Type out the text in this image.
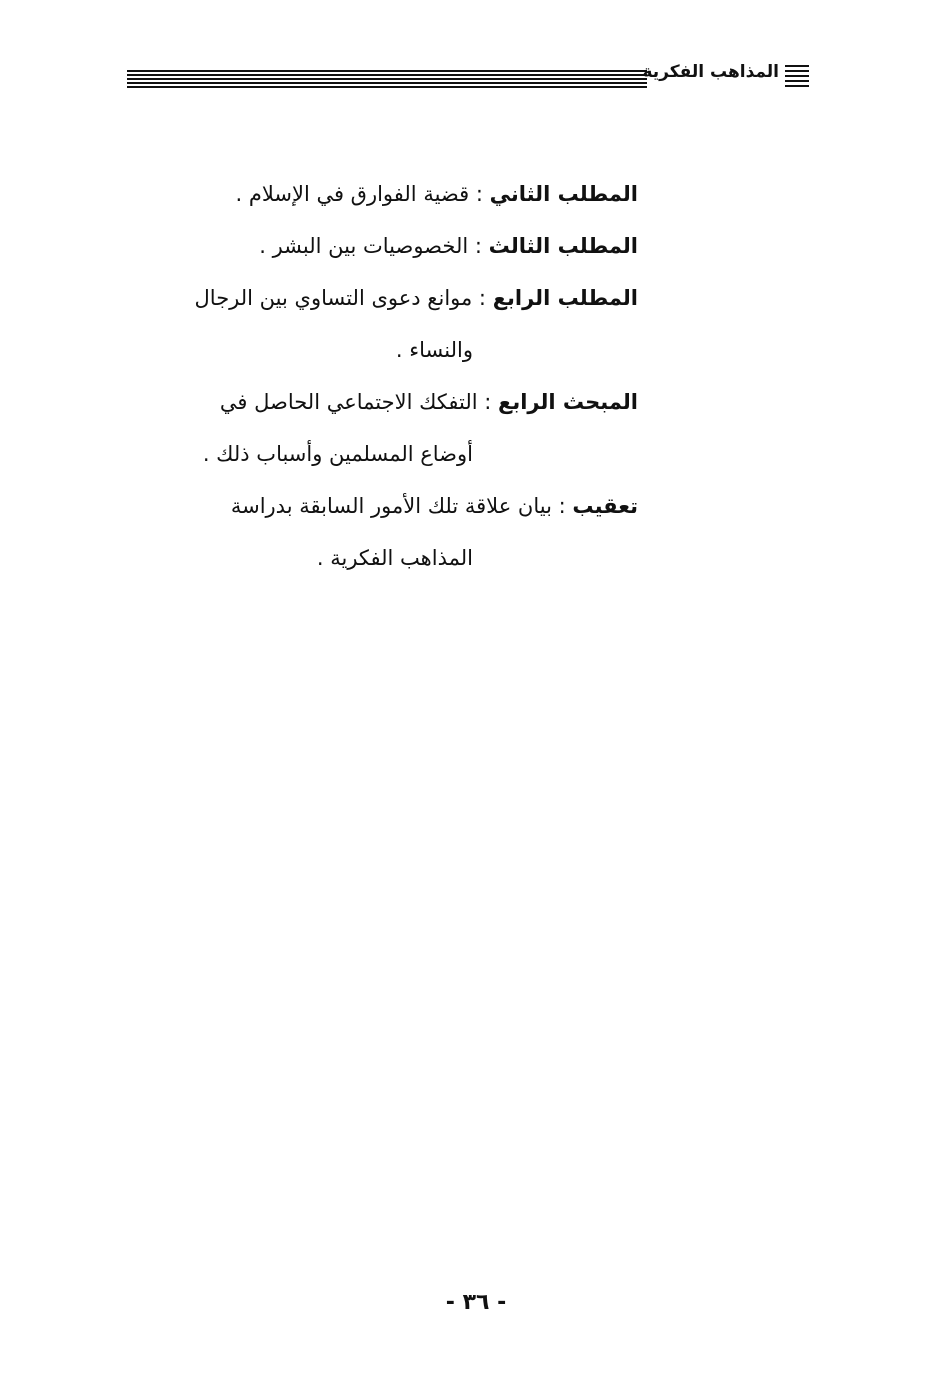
المذاهب الفكرية
المطلب الثاني : قضية الفوارق في الإسلام .
المطلب الثالث : الخصوصيات بين البشر .
المطلب الرابع : موانع دعوى التساوي بين الرجال
والنساء .
المبحث الرابع : التفكك الاجتماعي الحاصل في
أوضاع المسلمين وأسباب ذلك .
تعقيب : بيان علاقة تلك الأمور السابقة بدراسة
المذاهب الفكرية .
- ٣٦ -
